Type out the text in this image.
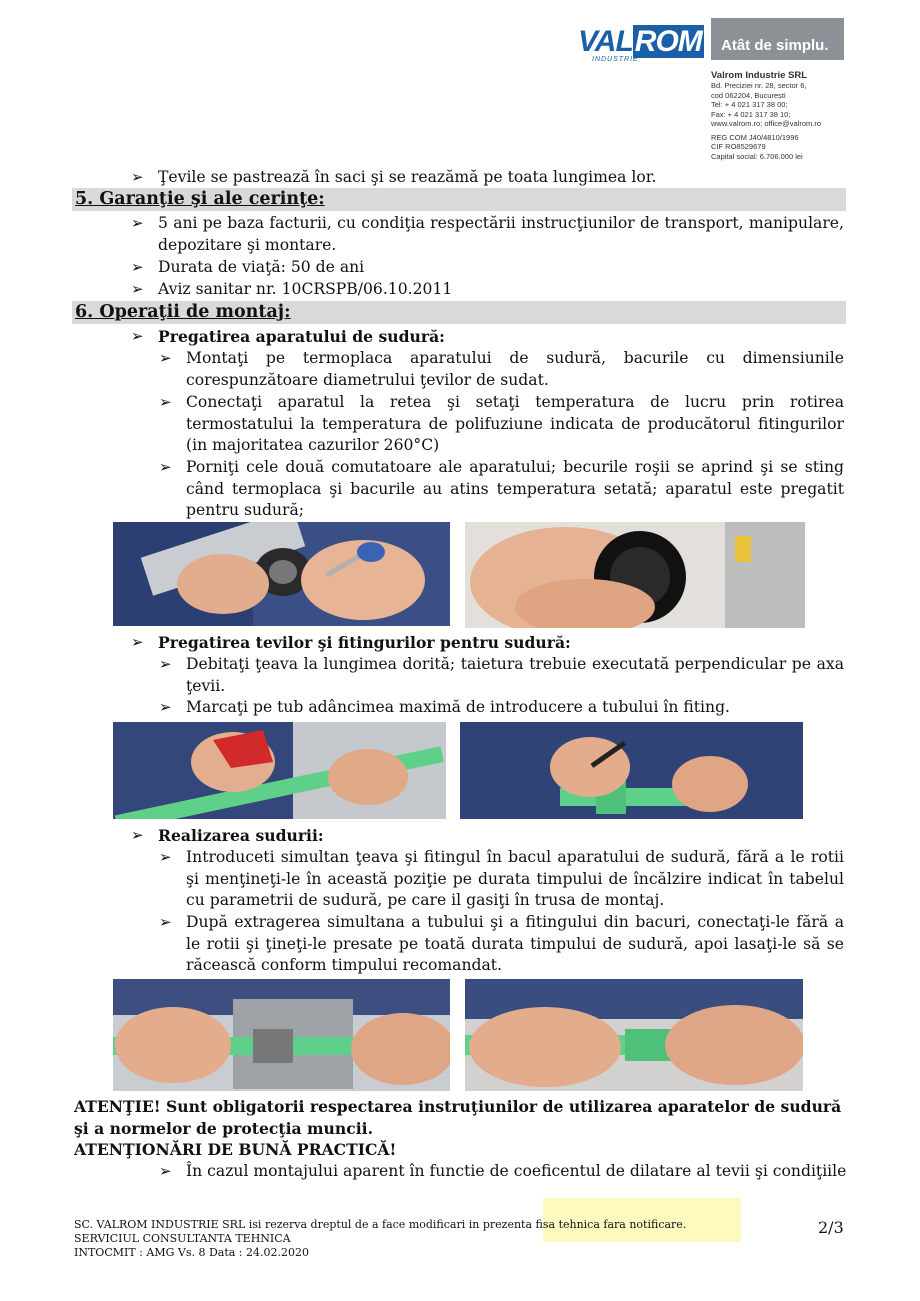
VALROM
INDUSTRIE
Atât de simplu.
Valrom Industrie SRL
Bd. Preciziei nr. 28, sector 6,
cod 062204, București
Tel: + 4 021 317 38 00;
Fax: + 4 021 317 38 10;
www.valrom.ro; office@valrom.ro
REG COM J40/4810/1996
CIF RO8529679
Capital social: 6.706.000 lei
➢ Ţevile se pastrează în saci şi se reazămă pe toata lungimea lor.
5. Garanţie şi ale cerinţe:
➢ 5 ani pe baza facturii, cu condiţia respectării instrucţiunilor de transport, manipulare, depozitare şi montare.
➢ Durata de viaţă: 50 de ani
➢ Aviz sanitar nr. 10CRSPB/06.10.2011
6. Operaţii de montaj:
➢ Pregatirea aparatului de sudură:
➢ Montaţi pe termoplaca aparatului de sudură, bacurile cu dimensiunile corespunzătoare diametrului ţevilor de sudat.
➢ Conectaţi aparatul la retea şi setaţi temperatura de lucru prin rotirea termostatului la temperatura de polifuziune indicata de producătorul fitingurilor (in majoritatea cazurilor 260°C)
➢ Porniţi cele două comutatoare ale aparatului; becurile roşii se aprind şi se sting când termoplaca şi bacurile au atins temperatura setată; aparatul este pregatit pentru sudură;
➢ Pregatirea tevilor şi fitingurilor pentru sudură:
➢ Debitaţi ţeava la lungimea dorită; taietura trebuie executată perpendicular pe axa ţevii.
➢ Marcaţi pe tub adâncimea maximă de introducere a tubului în fiting.
➢ Realizarea sudurii:
➢ Introduceti simultan ţeava şi fitingul în bacul aparatului de sudură, fără a le rotii şi menţineţi-le în această poziţie pe durata timpului de încălzire indicat în tabelul cu parametrii de sudură, pe care il gasiţi în trusa de montaj.
➢ După extragerea simultana a tubului şi a fitingului din bacuri, conectaţi-le fără a le rotii şi ţineţi-le presate pe toată durata timpului de sudură, apoi lasaţi-le să se răcească conform timpului recomandat.
ATENŢIE! Sunt obligatorii respectarea instruţiunilor de utilizarea aparatelor de sudură şi a normelor de protecţia muncii.
ATENŢIONĂRI DE BUNĂ PRACTICĂ!
➢ În cazul montajului aparent în functie de coeficentul de dilatare al tevii şi condiţiile
SC. VALROM INDUSTRIE SRL isi rezerva dreptul de a face modificari in prezenta fisa tehnica fara notificare.
SERVICIUL CONSULTANTA TEHNICA
INTOCMIT : AMG Vs. 8 Data : 24.02.2020
2/3
